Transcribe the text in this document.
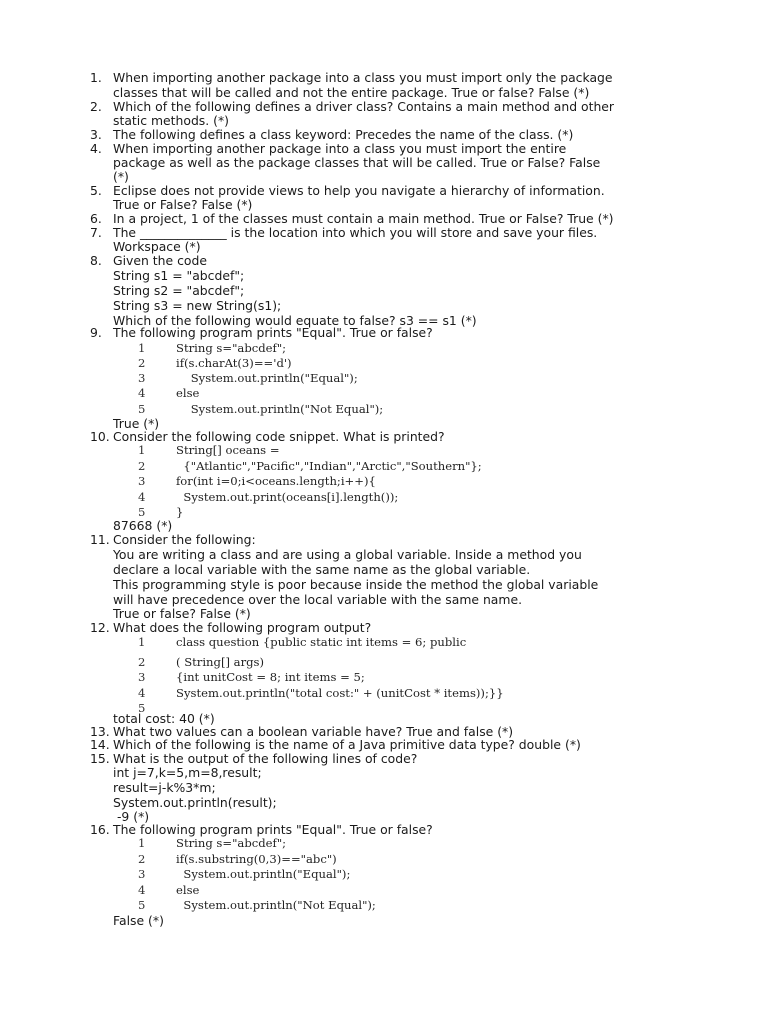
1. When importing another package into a class you must import only the package
classes that will be called and not the entire package. True or false? False (*)
2. Which of the following defines a driver class? Contains a main method and other
static methods. (*)
3. The following defines a class keyword: Precedes the name of the class. (*)
4. When importing another package into a class you must import the entire
package as well as the package classes that will be called. True or False? False
(*)
5. Eclipse does not provide views to help you navigate a hierarchy of information.
True or False? False (*)
6. In a project, 1 of the classes must contain a main method. True or False? True (*)
7. The ______________ is the location into which you will store and save your files.
Workspace (*)
8. Given the code
String s1 = "abcdef";
String s2 = "abcdef";
String s3 = new String(s1);
Which of the following would equate to false? s3 == s1 (*)
9. The following program prints "Equal". True or false?
1	String s="abcdef";
2	if(s.charAt(3)=='d')
3	System.out.println("Equal");
4	else
5	System.out.println("Not Equal");
True (*)
10. Consider the following code snippet. What is printed?
1	String[] oceans =
2	{"Atlantic","Pacific","Indian","Arctic","Southern"};
3	for(int i=0;i<oceans.length;i++){
4	System.out.print(oceans[i].length());
5	}
87668 (*)
11. Consider the following:
You are writing a class and are using a global variable. Inside a method you
declare a local variable with the same name as the global variable.
This programming style is poor because inside the method the global variable
will have precedence over the local variable with the same name.
True or false? False (*)
12. What does the following program output?
1	class question {public static int items = 6; public
2	( String[] args)
3	{int unitCost = 8; int items = 5;
4	System.out.println("total cost:" + (unitCost * items));}}
5
total cost: 40 (*)
13. What two values can a boolean variable have? True and false (*)
14. Which of the following is the name of a Java primitive data type? double (*)
15. What is the output of the following lines of code?
int j=7,k=5,m=8,result;
result=j-k%3*m;
System.out.println(result);
-9 (*)
16. The following program prints "Equal". True or false?
1	String s="abcdef";
2	if(s.substring(0,3)=="abc")
3	System.out.println("Equal");
4	else
5	System.out.println("Not Equal");
False (*)
